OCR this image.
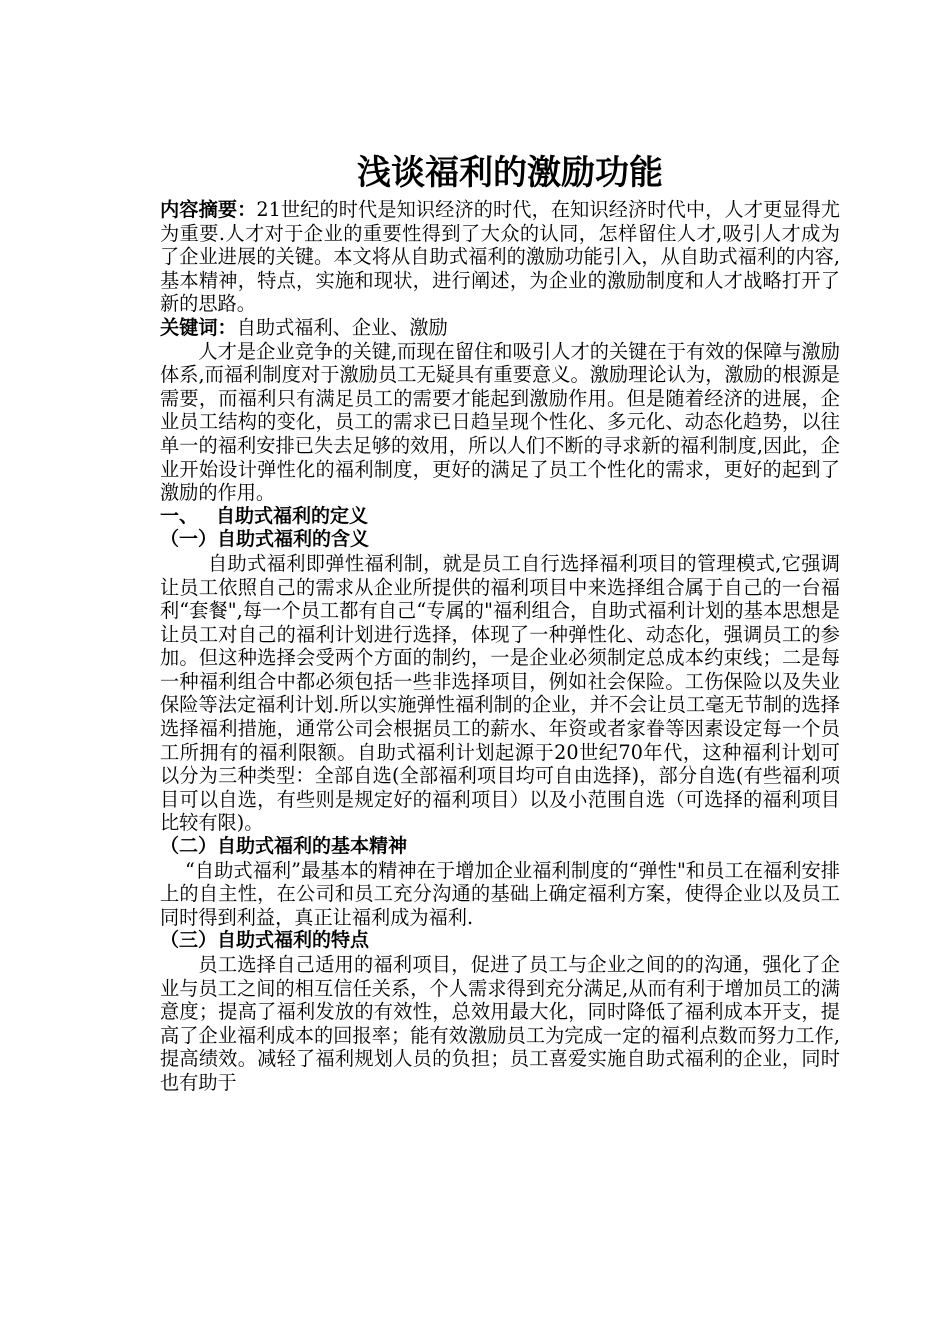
浅谈福利的激励功能

内容摘要：21世纪的时代是知识经济的时代，在知识经济时代中，人才更显得尤为重要.人才对于企业的重要性得到了大众的认同，怎样留住人才,吸引人才成为了企业进展的关键。本文将从自助式福利的激励功能引入，从自助式福利的内容,基本精神，特点，实施和现状，进行阐述，为企业的激励制度和人才战略打开了新的思路。

关键词：自助式福利、企业、激励

人才是企业竞争的关键,而现在留住和吸引人才的关键在于有效的保障与激励体系,而福利制度对于激励员工无疑具有重要意义。激励理论认为，激励的根源是需要，而福利只有满足员工的需要才能起到激励作用。但是随着经济的进展，企业员工结构的变化，员工的需求已日趋呈现个性化、多元化、动态化趋势，以往单一的福利安排已失去足够的效用，所以人们不断的寻求新的福利制度,因此，企业开始设计弹性化的福利制度，更好的满足了员工个性化的需求，更好的起到了激励的作用。

一、 自助式福利的定义

（一）自助式福利的含义

自助式福利即弹性福利制，就是员工自行选择福利项目的管理模式,它强调让员工依照自己的需求从企业所提供的福利项目中来选择组合属于自己的一台福利“套餐",每一个员工都有自己“专属的"福利组合，自助式福利计划的基本思想是让员工对自己的福利计划进行选择，体现了一种弹性化、动态化，强调员工的参加。但这种选择会受两个方面的制约，一是企业必须制定总成本约束线；二是每一种福利组合中都必须包括一些非选择项目，例如社会保险。工伤保险以及失业保险等法定福利计划.所以实施弹性福利制的企业，并不会让员工毫无节制的选择选择福利措施，通常公司会根据员工的薪水、年资或者家眷等因素设定每一个员工所拥有的福利限额。自助式福利计划起源于20世纪70年代，这种福利计划可以分为三种类型：全部自选(全部福利项目均可自由选择)，部分自选(有些福利项目可以自选，有些则是规定好的福利项目）以及小范围自选（可选择的福利项目比较有限)。

（二）自助式福利的基本精神

“自助式福利”最基本的精神在于增加企业福利制度的“弹性"和员工在福利安排上的自主性，在公司和员工充分沟通的基础上确定福利方案，使得企业以及员工同时得到利益，真正让福利成为福利.

（三）自助式福利的特点

员工选择自己适用的福利项目，促进了员工与企业之间的的沟通，强化了企业与员工之间的相互信任关系，个人需求得到充分满足,从而有利于增加员工的满意度；提高了福利发放的有效性，总效用最大化，同时降低了福利成本开支，提高了企业福利成本的回报率；能有效激励员工为完成一定的福利点数而努力工作,提高绩效。减轻了福利规划人员的负担；员工喜爱实施自助式福利的企业，同时也有助于
